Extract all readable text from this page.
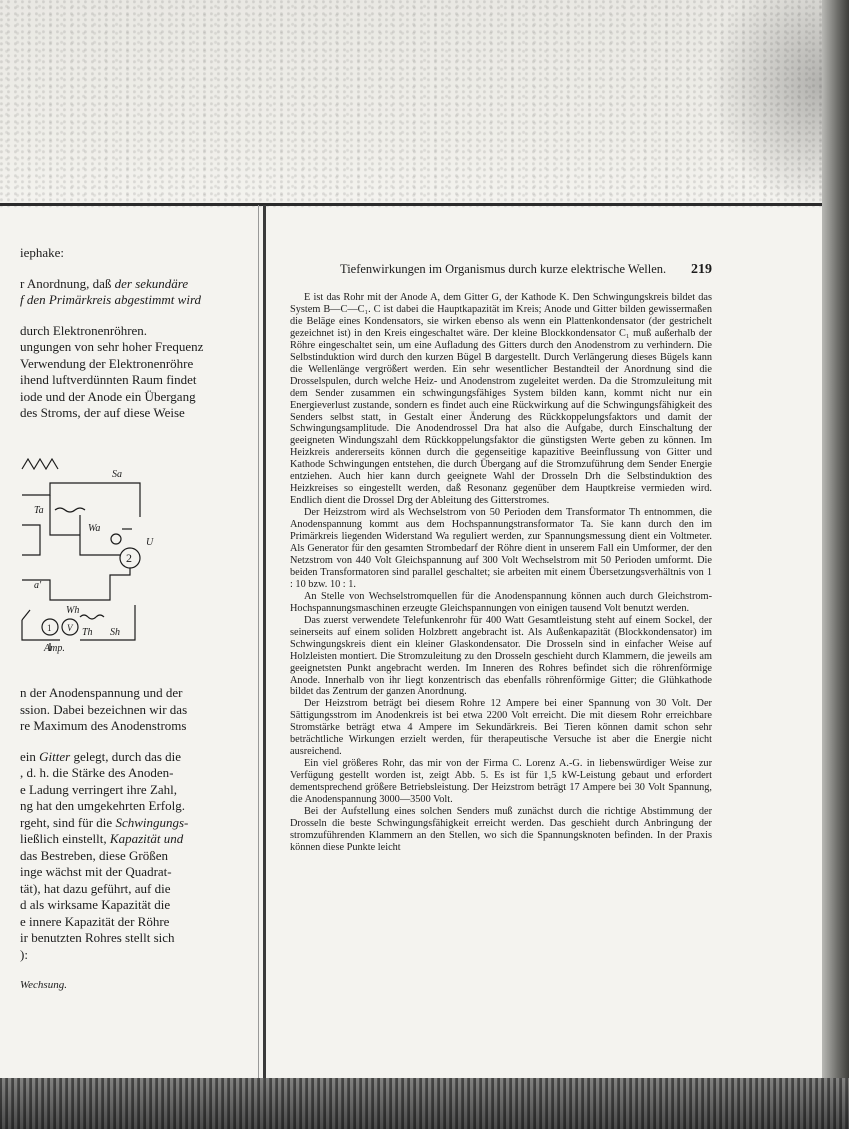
iephake:

r Anordnung, daß der sekundäre

f den Primärkreis abgestimmt wird

durch Elektronenröhren.

ungungen von sehr hoher Frequenz

Verwendung der Elektronenröhre

ihend luftverdünnten Raum findet

iode und der Anode ein Übergang

des Stroms, der auf diese Weise

Sa
Ta
Wa
U
2
1
a'
V
Wh
Th Sh
Amp.

n der Anodenspannung und der

ssion. Dabei bezeichnen wir das

re Maximum des Anodenstroms

ein Gitter gelegt, durch das die

, d. h. die Stärke des Anoden-

e Ladung verringert ihre Zahl,

ng hat den umgekehrten Erfolg.

rgeht, sind für die Schwingungs-

ließlich einstellt, Kapazität und

das Bestreben, diese Größen

inge wächst mit der Quadrat-

tät), hat dazu geführt, auf die

d als wirksame Kapazität die

e innere Kapazität der Röhre

ir benutzten Rohres stellt sich

):

Wechsung.

Tiefenwirkungen im Organismus durch kurze elektrische Wellen. 219

E ist das Rohr mit der Anode A, dem Gitter G, der Kathode K. Den Schwingungskreis bildet das System B—C—C₁. C ist dabei die Hauptkapazität im Kreis; Anode und Gitter bilden gewissermaßen die Beläge eines Kondensators, sie wirken ebenso als wenn ein Plattenkondensator (der gestrichelt gezeichnet ist) in den Kreis eingeschaltet wäre. Der kleine Blockkondensator C₁ muß außerhalb der Röhre eingeschaltet sein, um eine Aufladung des Gitters durch den Anodenstrom zu verhindern. Die Selbstinduktion wird durch den kurzen Bügel B dargestellt. Durch Verlängerung dieses Bügels kann die Wellenlänge vergrößert werden. Ein sehr wesentlicher Bestandteil der Anordnung sind die Drosselspulen, durch welche Heiz- und Anodenstrom zugeleitet werden. Da die Stromzuleitung mit dem Sender zusammen ein schwingungsfähiges System bilden kann, kommt nicht nur ein Energieverlust zustande, sondern es findet auch eine Rückwirkung auf die Schwingungsfähigkeit des Senders selbst statt, in Gestalt einer Änderung des Rückkoppelungsfaktors und damit der Schwingungsamplitude. Die Anodendrossel Dra hat also die Aufgabe, durch Einschaltung der geeigneten Windungszahl dem Rückkoppelungsfaktor die günstigsten Werte geben zu können. Im Heizkreis andererseits können durch die gegenseitige kapazitive Beeinflussung von Gitter und Kathode Schwingungen entstehen, die durch Übergang auf die Stromzuführung dem Sender Energie entziehen. Auch hier kann durch geeignete Wahl der Drosseln Drh die Selbstinduktion des Heizkreises so eingestellt werden, daß Resonanz gegenüber dem Hauptkreise vermieden wird. Endlich dient die Drossel Drg der Ableitung des Gitterstromes.

Der Heizstrom wird als Wechselstrom von 50 Perioden dem Transformator Th entnommen, die Anodenspannung kommt aus dem Hochspannungstransformator Ta. Sie kann durch den im Primärkreis liegenden Widerstand Wa reguliert werden, zur Spannungsmessung dient ein Voltmeter. Als Generator für den gesamten Strombedarf der Röhre dient in unserem Fall ein Umformer, der den Netzstrom von 440 Volt Gleichspannung auf 300 Volt Wechselstrom mit 50 Perioden umformt. Die beiden Transformatoren sind parallel geschaltet; sie arbeiten mit einem Übersetzungsverhältnis von 1 : 10 bzw. 10 : 1.

An Stelle von Wechselstromquellen für die Anodenspannung können auch durch Gleichstrom-Hochspannungsmaschinen erzeugte Gleichspannungen von einigen tausend Volt benutzt werden.

Das zuerst verwendete Telefunkenrohr für 400 Watt Gesamtleistung steht auf einem Sockel, der seinerseits auf einem soliden Holzbrett angebracht ist. Als Außenkapazität (Blockkondensator) im Schwingungskreis dient ein kleiner Glaskondensator. Die Drosseln sind in einfacher Weise auf Holzleisten montiert. Die Stromzuleitung zu den Drosseln geschieht durch Klammern, die jeweils am geeignetsten Punkt angebracht werden. Im Inneren des Rohres befindet sich die röhrenförmige Anode. Innerhalb von ihr liegt konzentrisch das ebenfalls röhrenförmige Gitter; die Glühkathode bildet das Zentrum der ganzen Anordnung.

Der Heizstrom beträgt bei diesem Rohre 12 Ampere bei einer Spannung von 30 Volt. Der Sättigungsstrom im Anodenkreis ist bei etwa 2200 Volt erreicht. Die mit diesem Rohr erreichbare Stromstärke beträgt etwa 4 Ampere im Sekundärkreis. Bei Tieren können damit schon sehr beträchtliche Wirkungen erzielt werden, für therapeutische Versuche ist aber die Energie nicht ausreichend.

Ein viel größeres Rohr, das mir von der Firma C. Lorenz A.-G. in liebenswürdiger Weise zur Verfügung gestellt worden ist, zeigt Abb. 5. Es ist für 1,5 kW-Leistung gebaut und erfordert dementsprechend größere Betriebsleistung. Der Heizstrom beträgt 17 Ampere bei 30 Volt Spannung, die Anodenspannung 3000—3500 Volt.

Bei der Aufstellung eines solchen Senders muß zunächst durch die richtige Abstimmung der Drosseln die beste Schwingungsfähigkeit erreicht werden. Das geschieht durch Anbringung der stromzuführenden Klammern an den Stellen, wo sich die Spannungsknoten befinden. In der Praxis können diese Punkte leicht
